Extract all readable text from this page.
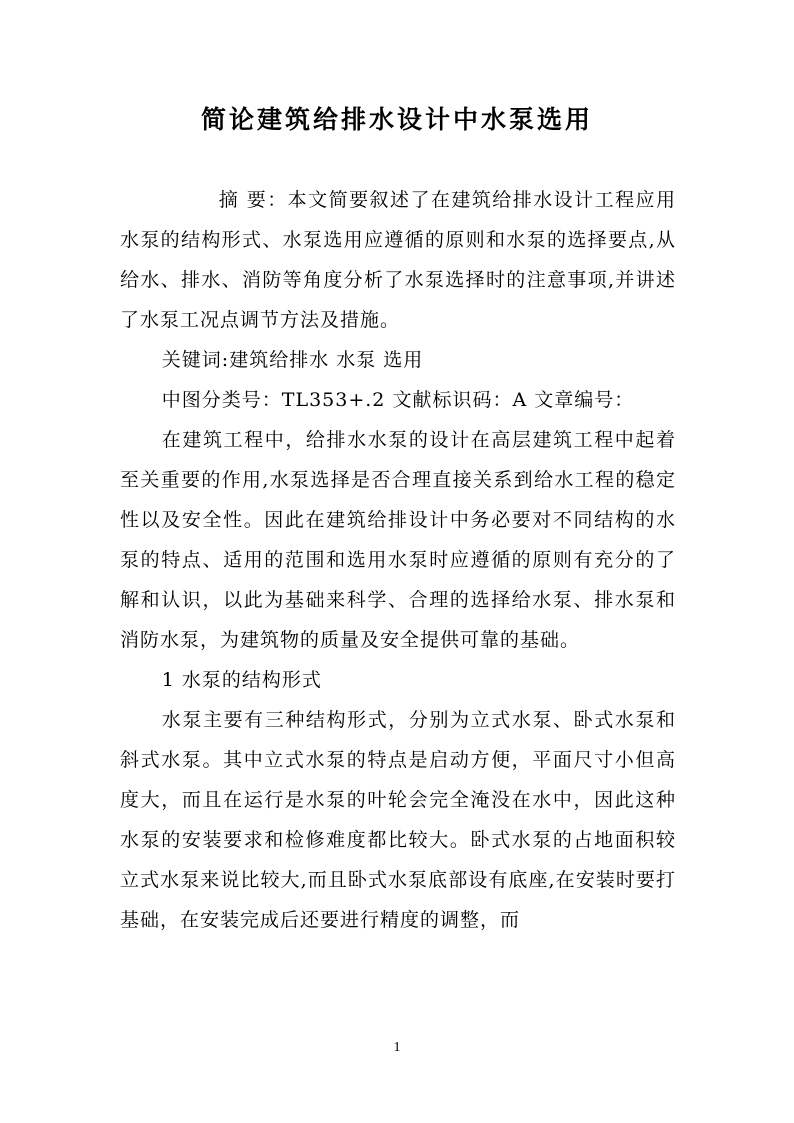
简论建筑给排水设计中水泵选用

摘 要：本文简要叙述了在建筑给排水设计工程应用水泵的结构形式、水泵选用应遵循的原则和水泵的选择要点,从给水、排水、消防等角度分析了水泵选择时的注意事项,并讲述了水泵工况点调节方法及措施。

关键词:建筑给排水 水泵 选用

中图分类号：TL353+.2 文献标识码：A 文章编号：

在建筑工程中，给排水水泵的设计在高层建筑工程中起着至关重要的作用,水泵选择是否合理直接关系到给水工程的稳定性以及安全性。因此在建筑给排设计中务必要对不同结构的水泵的特点、适用的范围和选用水泵时应遵循的原则有充分的了解和认识，以此为基础来科学、合理的选择给水泵、排水泵和消防水泵，为建筑物的质量及安全提供可靠的基础。

1 水泵的结构形式

水泵主要有三种结构形式，分别为立式水泵、卧式水泵和斜式水泵。其中立式水泵的特点是启动方便，平面尺寸小但高度大，而且在运行是水泵的叶轮会完全淹没在水中，因此这种水泵的安装要求和检修难度都比较大。卧式水泵的占地面积较立式水泵来说比较大,而且卧式水泵底部设有底座,在安装时要打基础，在安装完成后还要进行精度的调整，而

1
